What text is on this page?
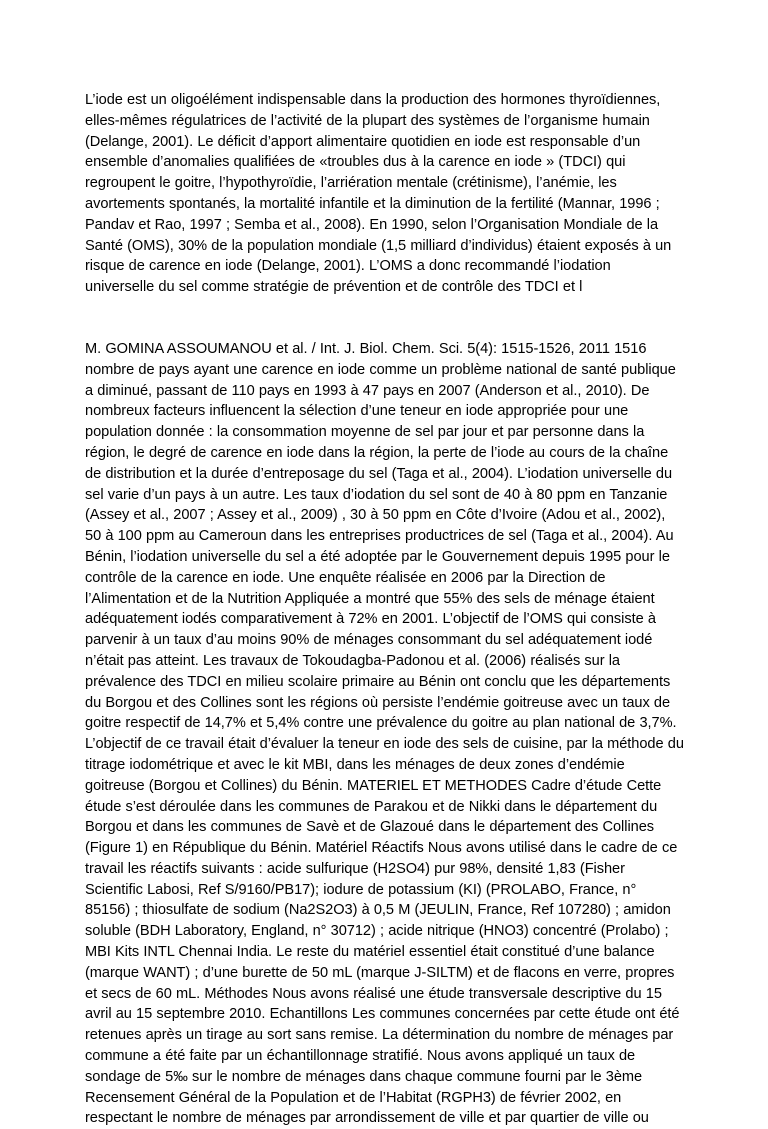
L’iode est un oligoélément indispensable dans la production des hormones thyroïdiennes, elles-mêmes régulatrices de l’activité de la plupart des systèmes de l’organisme humain (Delange, 2001). Le déficit d’apport alimentaire quotidien en iode est responsable d’un ensemble d’anomalies qualifiées de «troubles dus à la carence en iode » (TDCI) qui regroupent le goitre, l’hypothyroïdie, l’arriération mentale (crétinisme), l’anémie, les avortements spontanés, la mortalité infantile et la diminution de la fertilité (Mannar, 1996 ; Pandav et Rao, 1997 ; Semba et al., 2008). En 1990, selon l’Organisation Mondiale de la Santé (OMS), 30% de la population mondiale (1,5 milliard d’individus) étaient exposés à un risque de carence en iode (Delange, 2001). L’OMS a donc recommandé l’iodation universelle du sel comme stratégie de prévention et de contrôle des TDCI et l

M. GOMINA ASSOUMANOU et al. / Int. J. Biol. Chem. Sci. 5(4): 1515-1526, 2011 1516 nombre de pays ayant une carence en iode comme un problème national de santé publique a diminué, passant de 110 pays en 1993 à 47 pays en 2007 (Anderson et al., 2010). De nombreux facteurs influencent la sélection d’une teneur en iode appropriée pour une population donnée : la consommation moyenne de sel par jour et par personne dans la région, le degré de carence en iode dans la région, la perte de l’iode au cours de la chaîne de distribution et la durée d’entreposage du sel (Taga et al., 2004). L’iodation universelle du sel varie d’un pays à un autre. Les taux d’iodation du sel sont de 40 à 80 ppm en Tanzanie (Assey et al., 2007 ; Assey et al., 2009) , 30 à 50 ppm en Côte d’Ivoire (Adou et al., 2002), 50 à 100 ppm au Cameroun dans les entreprises productrices de sel (Taga et al., 2004). Au Bénin, l’iodation universelle du sel a été adoptée par le Gouvernement depuis 1995 pour le contrôle de la carence en iode. Une enquête réalisée en 2006 par la Direction de l’Alimentation et de la Nutrition Appliquée a montré que 55% des sels de ménage étaient adéquatement iodés comparativement à 72% en 2001. L’objectif de l’OMS qui consiste à parvenir à un taux d’au moins 90% de ménages consommant du sel adéquatement iodé n’était pas atteint. Les travaux de Tokoudagba-Padonou et al. (2006) réalisés sur la prévalence des TDCI en milieu scolaire primaire au Bénin ont conclu que les départements du Borgou et des Collines sont les régions où persiste l’endémie goitreuse avec un taux de goitre respectif de 14,7% et 5,4% contre une prévalence du goitre au plan national de 3,7%. L’objectif de ce travail était d’évaluer la teneur en iode des sels de cuisine, par la méthode du titrage iodométrique et avec le kit MBI, dans les ménages de deux zones d’endémie goitreuse (Borgou et Collines) du Bénin. MATERIEL ET METHODES Cadre d’étude Cette étude s’est déroulée dans les communes de Parakou et de Nikki dans le département du Borgou et dans les communes de Savè et de Glazoué dans le département des Collines (Figure 1) en République du Bénin. Matériel Réactifs Nous avons utilisé dans le cadre de ce travail les réactifs suivants : acide sulfurique (H2SO4) pur 98%, densité 1,83 (Fisher Scientific Labosi, Ref S/9160/PB17); iodure de potassium (KI) (PROLABO, France, n° 85156) ; thiosulfate de sodium (Na2S2O3) à 0,5 M (JEULIN, France, Ref 107280) ; amidon soluble (BDH Laboratory, England, n° 30712) ; acide nitrique (HNO3) concentré (Prolabo) ; MBI Kits INTL Chennai India. Le reste du matériel essentiel était constitué d’une balance (marque WANT) ; d’une burette de 50 mL (marque J-SILTM) et de flacons en verre, propres et secs de 60 mL. Méthodes Nous avons réalisé une étude transversale descriptive du 15 avril au 15 septembre 2010. Echantillons Les communes concernées par cette étude ont été retenues après un tirage au sort sans remise. La détermination du nombre de ménages par commune a été faite par un échantillonnage stratifié. Nous avons appliqué un taux de sondage de 5‰ sur le nombre de ménages dans chaque commune fourni par le 3ème Recensement Général de la Population et de l’Habitat (RGPH3) de février 2002, en respectant le nombre de ménages par arrondissement de ville et par quartier de ville ou
